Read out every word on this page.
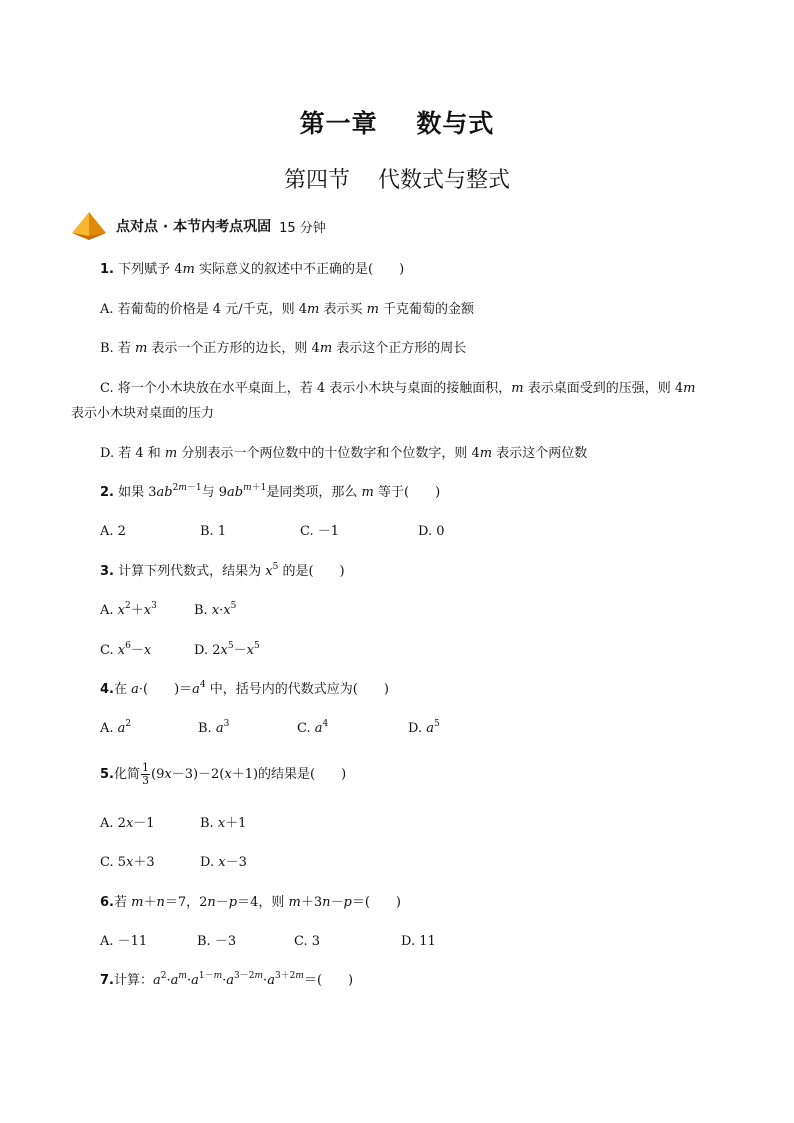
第一章    数与式
第四节    代数式与整式
点对点 · 本节内考点巩固 15 分钟
1. 下列赋予 4m 实际意义的叙述中不正确的是(　　)
A. 若葡萄的价格是 4 元/千克，则 4m 表示买 m 千克葡萄的金额
B. 若 m 表示一个正方形的边长，则 4m 表示这个正方形的周长
C. 将一个小木块放在水平桌面上，若 4 表示小木块与桌面的接触面积，m 表示桌面受到的压强，则 4m
表示小木块对桌面的压力
D. 若 4 和 m 分别表示一个两位数中的十位数字和个位数字，则 4m 表示这个两位数
2. 如果 $3ab^{2m-1}$与 $9ab^{m+1}$是同类项，那么 m 等于(　　)
A. 2	B. 1	C. －1	D. 0
3. 计算下列代数式，结果为 $x^5$ 的是(　　)
A. $x^2+x^3$	B. $x\cdot x^5$
C. $x^6-x$	D. $2x^5-x^5$
4.在 a·(　　)$=a^4$ 中，括号内的代数式应为(　　)
A. $a^2$	B. $a^3$	C. $a^4$	D. $a^5$
5.化简 $\frac{1}{3} (9x-3)-2(x+1)$的结果是(　　)
A. 2x－1	B. x＋1
C. 5x＋3	D. x－3
6.若 m＋n＝7，2n－p＝4，则 m＋3n－p＝(　　)
A. －11	B. －3	C. 3	D. 11
7.计算：$a^2\cdot a^m\cdot a^{1-m}\cdot a^{3-2m}\cdot a^{3+2m}=$(　　)
